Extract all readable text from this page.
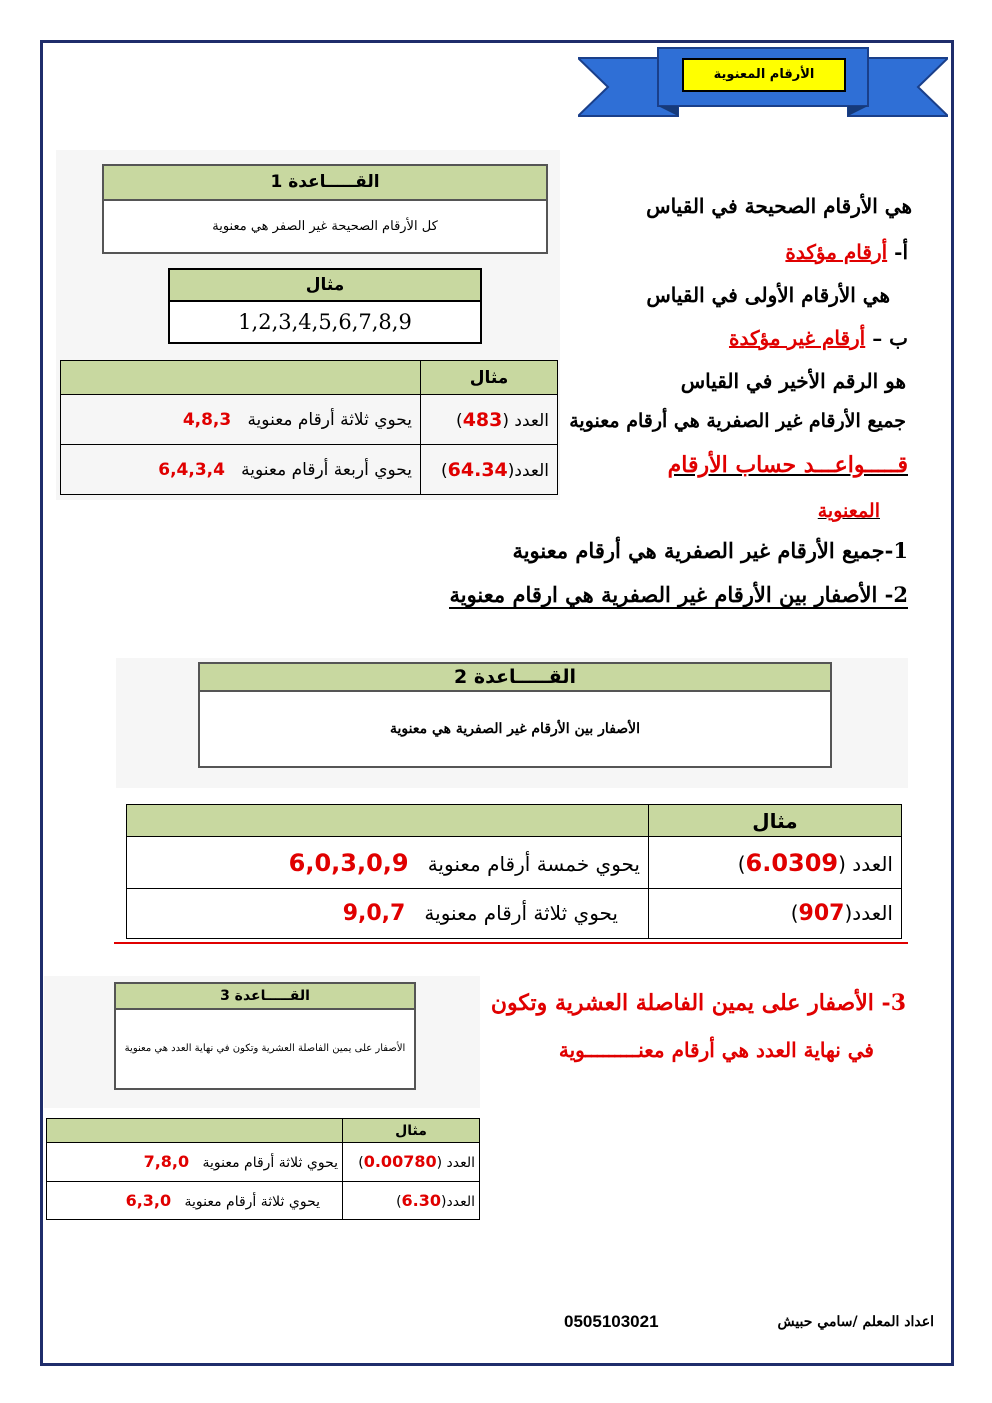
الأرقام المعنوية
القـــــاعدة 1
كل الأرقام الصحيحة غير الصفر هي معنوية
مثال
1,2,3,4,5,6,7,8,9
مثال	
العدد (483)	يحوي ثلاثة أرقام معنوية   4,8,3
العدد(64.34)	يحوي أربعة أرقام معنوية   6,4,3,4
هي الأرقام الصحيحة في القياس
أ- أرقام مؤكدة
هي الأرقام الأولى في القياس
ب – أرقام غير مؤكدة
هو الرقم الأخير في القياس
جميع الأرقام غير الصفرية هي أرقام معنوية
قـــــواعـــد حساب الأرقام
المعنوية
1-جميع الأرقام غير الصفرية هي أرقام معنوية
2- الأصفار بين الأرقام غير الصفرية هي ارقام معنوية
القـــــاعدة 2
الأصفار بين الأرقام غير الصفرية هي معنوية
مثال	
العدد (6.0309)	يحوي خمسة أرقام معنوية   6,0,3,0,9
العدد(907)	يحوي ثلاثة أرقام معنوية   9,0,7
القـــــاعدة 3
الأصفار على يمين الفاصلة العشرية وتكون في نهاية العدد هي معنوية
3- الأصفار على يمين الفاصلة العشرية وتكون
في نهاية العدد هي أرقام معنـــــــــوية
مثال	
العدد (0.00780)	يحوي ثلاثة أرقام معنوية   7,8,0
العدد(6.30)	يحوي ثلاثة أرقام معنوية   6,3,0
0505103021	اعداد المعلم /سامي حبيش
